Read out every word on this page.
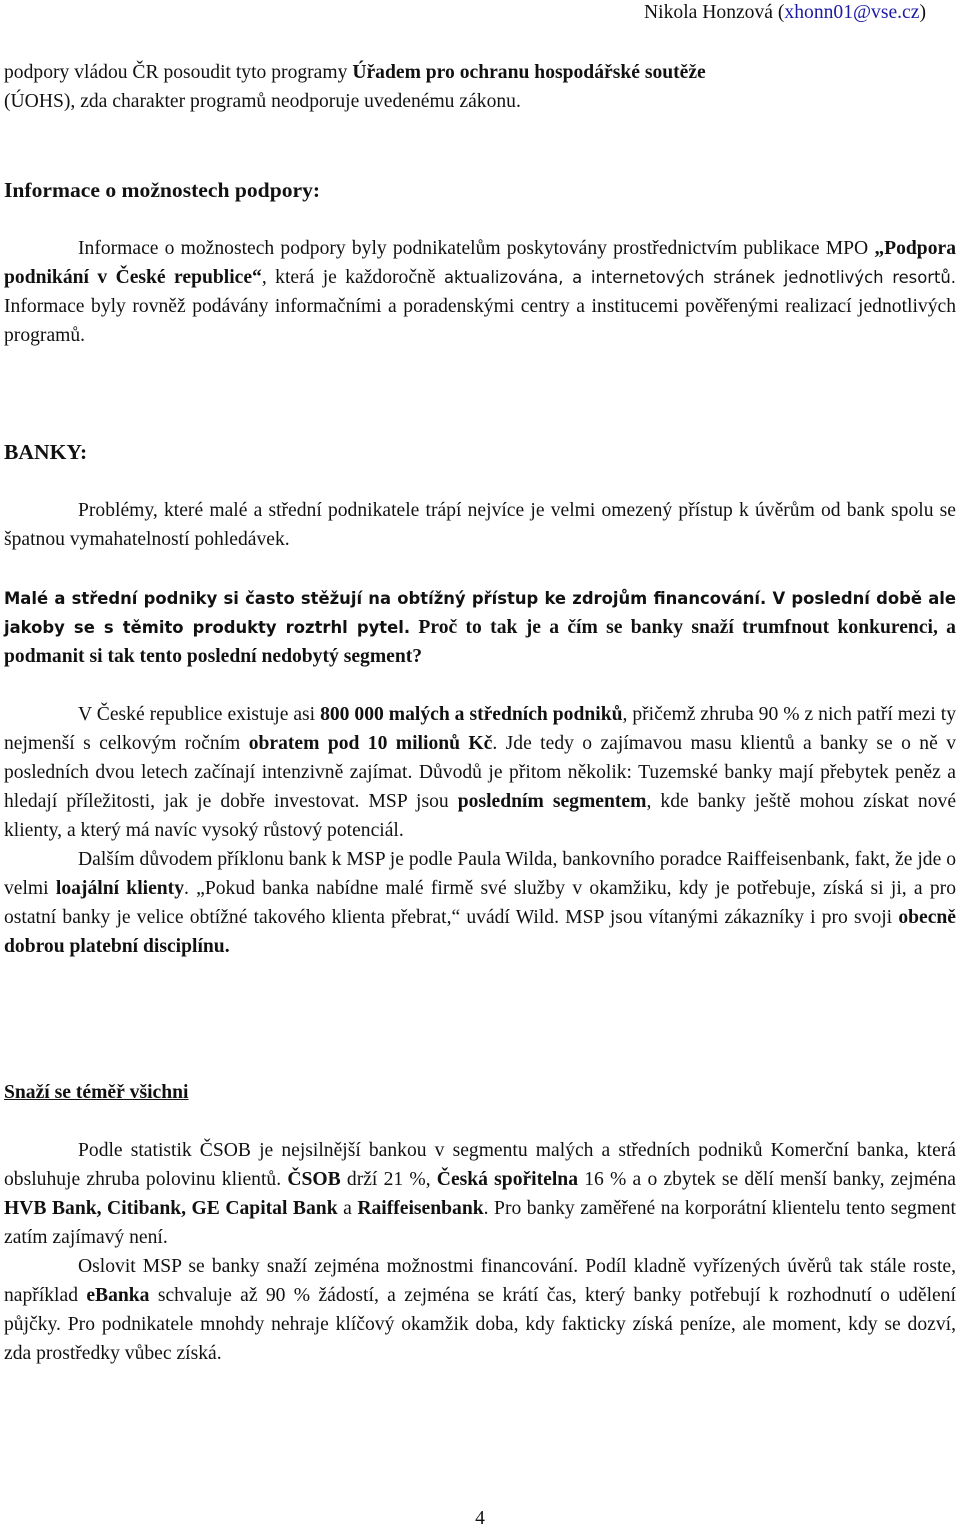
Nikola Honzová (xhonn01@vse.cz)

podpory vládou ČR posoudit tyto programy Úřadem pro ochranu hospodářské soutěže
(ÚOHS), zda charakter programů neodporuje uvedenému zákonu.

Informace o možnostech podpory:

Informace o možnostech podpory byly podnikatelům poskytovány prostřednictvím publikace MPO „Podpora podnikání v České republice“, která je každoročně aktualizována, a internetových stránek jednotlivých resortů. Informace byly rovněž podávány informačními a poradenskými centry a institucemi pověřenými realizací jednotlivých programů.

BANKY:

Problémy, které malé a střední podnikatele trápí nejvíce je velmi omezený přístup k úvěrům od bank spolu se špatnou vymahatelností pohledávek.

Malé a střední podniky si často stěžují na obtížný přístup ke zdrojům financování. V poslední době ale jakoby se s těmito produkty roztrhl pytel. Proč to tak je a čím se banky snaží trumfnout konkurenci, a podmanit si tak tento poslední nedobytý segment?

V České republice existuje asi 800 000 malých a středních podniků, přičemž zhruba 90 % z nich patří mezi ty nejmenší s celkovým ročním obratem pod 10 milionů Kč. Jde tedy o zajímavou masu klientů a banky se o ně v posledních dvou letech začínají intenzivně zajímat. Důvodů je přitom několik: Tuzemské banky mají přebytek peněz a hledají příležitosti, jak je dobře investovat. MSP jsou posledním segmentem, kde banky ještě mohou získat nové klienty, a který má navíc vysoký růstový potenciál.

Dalším důvodem příklonu bank k MSP je podle Paula Wilda, bankovního poradce Raiffeisenbank, fakt, že jde o velmi loajální klienty. „Pokud banka nabídne malé firmě své služby v okamžiku, kdy je potřebuje, získá si ji, a pro ostatní banky je velice obtížné takového klienta přebrat,“ uvádí Wild. MSP jsou vítanými zákazníky i pro svoji obecně dobrou platební disciplínu.

Snaží se téměř všichni

Podle statistik ČSOB je nejsilnější bankou v segmentu malých a středních podniků Komerční banka, která obsluhuje zhruba polovinu klientů. ČSOB drží 21 %, Česká spořitelna 16 % a o zbytek se dělí menší banky, zejména HVB Bank, Citibank, GE Capital Bank a Raiffeisenbank. Pro banky zaměřené na korporátní klientelu tento segment zatím zajímavý není.

Oslovit MSP se banky snaží zejména možnostmi financování. Podíl kladně vyřízených úvěrů tak stále roste, například eBanka schvaluje až 90 % žádostí, a zejména se krátí čas, který banky potřebují k rozhodnutí o udělení půjčky. Pro podnikatele mnohdy nehraje klíčový okamžik doba, kdy fakticky získá peníze, ale moment, kdy se dozví, zda prostředky vůbec získá.

4
